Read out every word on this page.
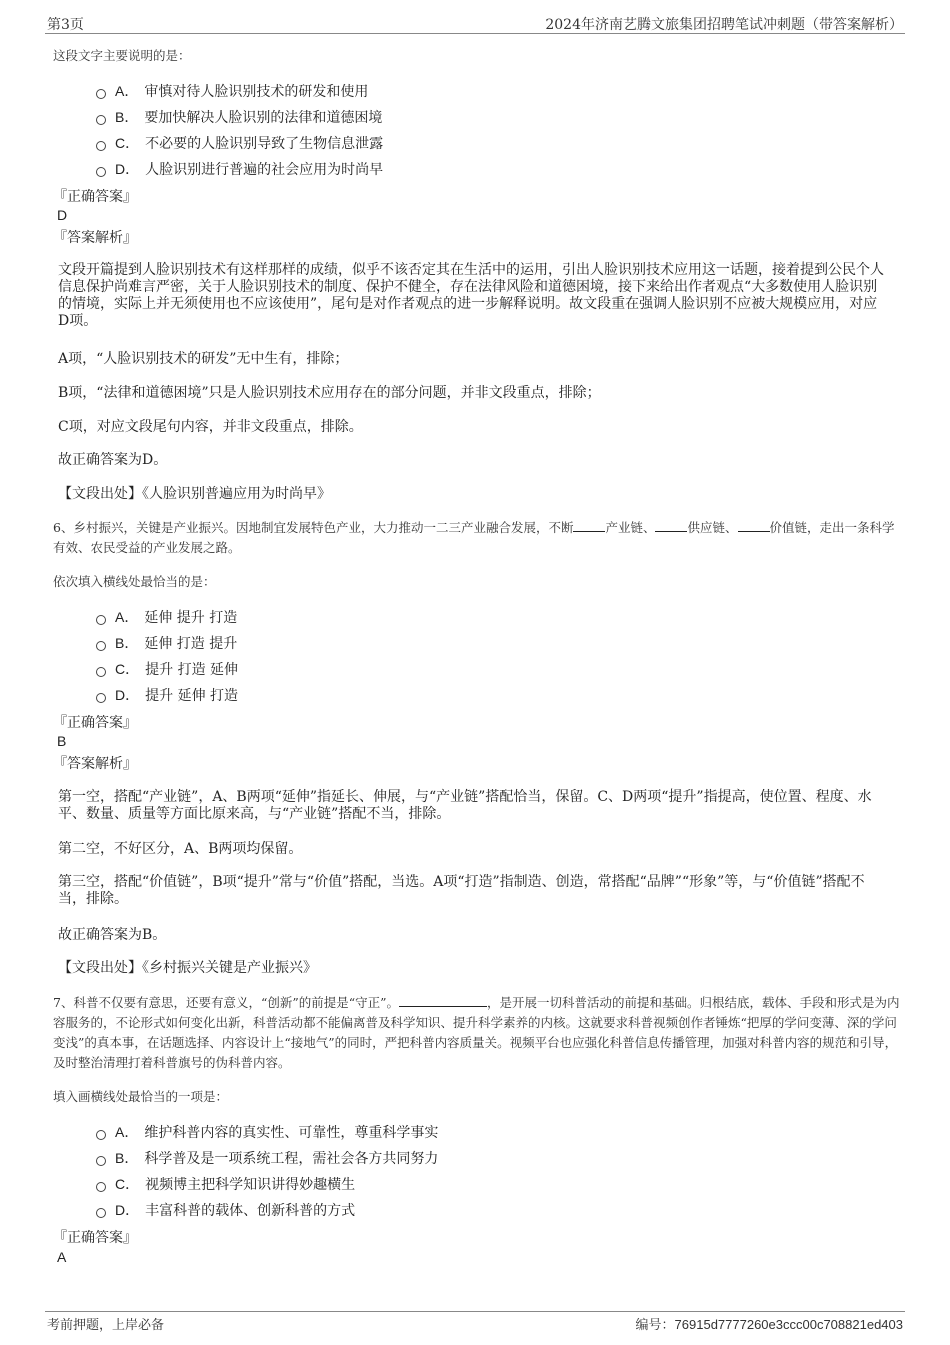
第3页	2024年济南艺腾文旅集团招聘笔试冲刺题（带答案解析）
这段文字主要说明的是：
A． 审慎对待人脸识别技术的研发和使用
B． 要加快解决人脸识别的法律和道德困境
C． 不必要的人脸识别导致了生物信息泄露
D． 人脸识别进行普遍的社会应用为时尚早
『正确答案』
D
『答案解析』
文段开篇提到人脸识别技术有这样那样的成绩，似乎不该否定其在生活中的运用，引出人脸识别技术应用这一话题，接着提到公民个人信息保护尚难言严密，关于人脸识别技术的制度、保护不健全，存在法律风险和道德困境，接下来给出作者观点“大多数使用人脸识别的情境，实际上并无须使用也不应该使用”，尾句是对作者观点的进一步解释说明。故文段重在强调人脸识别不应被大规模应用，对应D项。
A项，“人脸识别技术的研发”无中生有，排除；
B项，“法律和道德困境”只是人脸识别技术应用存在的部分问题，并非文段重点，排除；
C项，对应文段尾句内容，并非文段重点，排除。
故正确答案为D。
【文段出处】《人脸识别普遍应用为时尚早》
6、乡村振兴，关键是产业振兴。因地制宜发展特色产业，大力推动一二三产业融合发展，不断	产业链、	供应链、	价值链，走出一条科学有效、农民受益的产业发展之路。
依次填入横线处最恰当的是：
A． 延伸 提升 打造
B． 延伸 打造 提升
C． 提升 打造 延伸
D． 提升 延伸 打造
『正确答案』
B
『答案解析』
第一空，搭配“产业链”，A、B两项“延伸”指延长、伸展，与“产业链”搭配恰当，保留。C、D两项“提升”指提高，使位置、程度、水平、数量、质量等方面比原来高，与“产业链”搭配不当，排除。
第二空，不好区分，A、B两项均保留。
第三空，搭配“价值链”，B项“提升”常与“价值”搭配，当选。A项“打造”指制造、创造，常搭配“品牌”“形象”等，与“价值链”搭配不当，排除。
故正确答案为B。
【文段出处】《乡村振兴关键是产业振兴》
7、科普不仅要有意思，还要有意义，“创新”的前提是“守正”。	，是开展一切科普活动的前提和基础。归根结底，载体、手段和形式是为内容服务的，不论形式如何变化出新，科普活动都不能偏离普及科学知识、提升科学素养的内核。这就要求科普视频创作者锤炼“把厚的学问变薄、深的学问变浅”的真本事，在话题选择、内容设计上“接地气”的同时，严把科普内容质量关。视频平台也应强化科普信息传播管理，加强对科普内容的规范和引导，及时整治清理打着科普旗号的伪科普内容。
填入画横线处最恰当的一项是：
A． 维护科普内容的真实性、可靠性，尊重科学事实
B． 科学普及是一项系统工程，需社会各方共同努力
C． 视频博主把科学知识讲得妙趣横生
D． 丰富科普的载体、创新科普的方式
『正确答案』
A
考前押题，上岸必备	编号：76915d7777260e3ccc00c708821ed403
